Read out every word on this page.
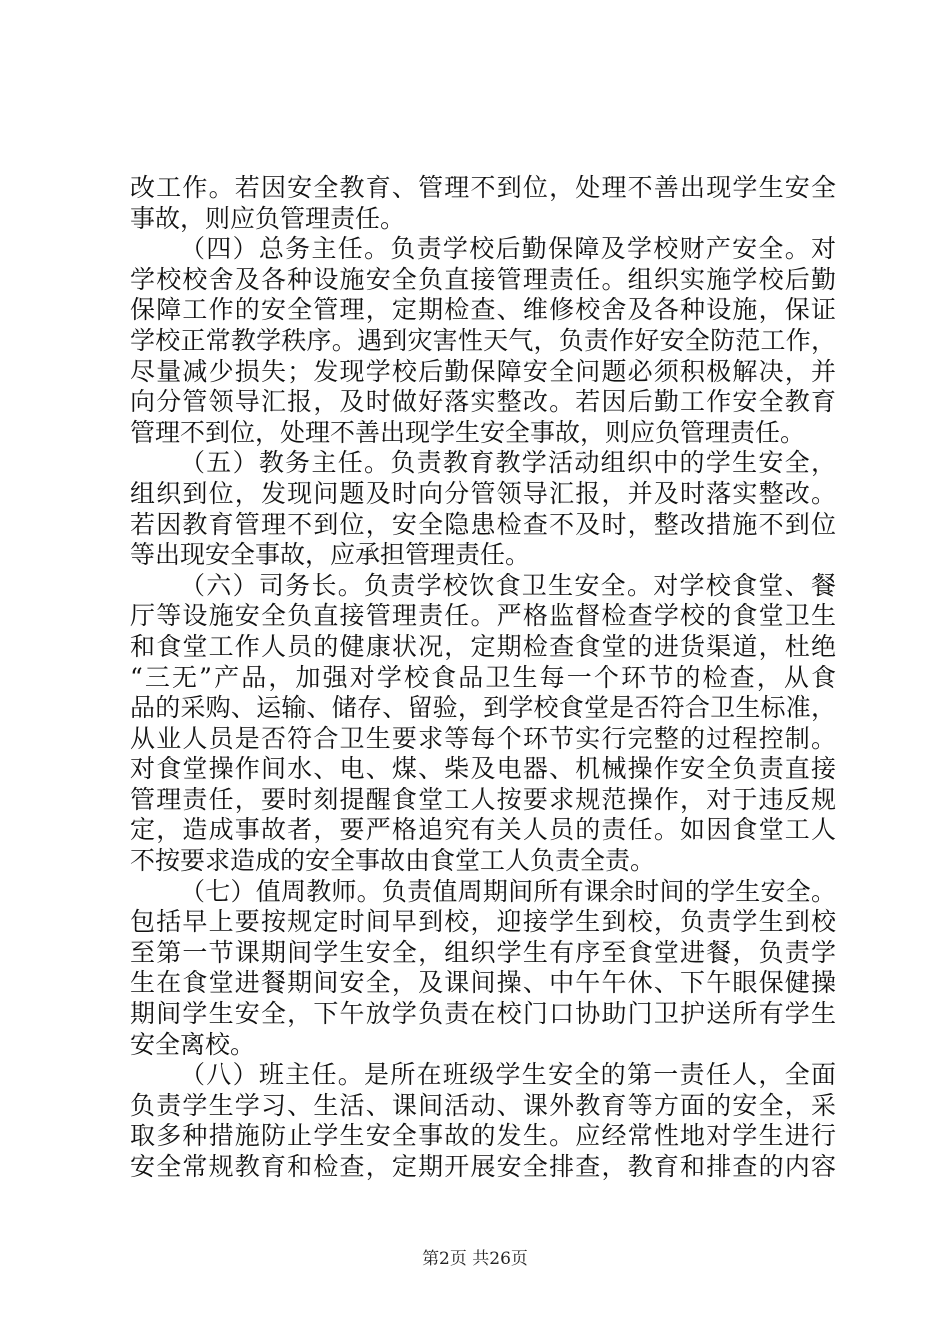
改工作。若因安全教育、管理不到位，处理不善出现学生安全
事故，则应负管理责任。
（四）总务主任。负责学校后勤保障及学校财产安全。对
学校校舍及各种设施安全负直接管理责任。组织实施学校后勤
保障工作的安全管理，定期检查、维修校舍及各种设施，保证
学校正常教学秩序。遇到灾害性天气，负责作好安全防范工作，
尽量减少损失；发现学校后勤保障安全问题必须积极解决，并
向分管领导汇报，及时做好落实整改。若因后勤工作安全教育
管理不到位，处理不善出现学生安全事故，则应负管理责任。
（五）教务主任。负责教育教学活动组织中的学生安全，
组织到位，发现问题及时向分管领导汇报，并及时落实整改。
若因教育管理不到位，安全隐患检查不及时，整改措施不到位
等出现安全事故，应承担管理责任。
（六）司务长。负责学校饮食卫生安全。对学校食堂、餐
厅等设施安全负直接管理责任。严格监督检查学校的食堂卫生
和食堂工作人员的健康状况，定期检查食堂的进货渠道，杜绝
“三无”产品，加强对学校食品卫生每一个环节的检查，从食
品的采购、运输、储存、留验，到学校食堂是否符合卫生标准，
从业人员是否符合卫生要求等每个环节实行完整的过程控制。
对食堂操作间水、电、煤、柴及电器、机械操作安全负责直接
管理责任，要时刻提醒食堂工人按要求规范操作，对于违反规
定，造成事故者，要严格追究有关人员的责任。如因食堂工人
不按要求造成的安全事故由食堂工人负责全责。
（七）值周教师。负责值周期间所有课余时间的学生安全。
包括早上要按规定时间早到校，迎接学生到校，负责学生到校
至第一节课期间学生安全，组织学生有序至食堂进餐，负责学
生在食堂进餐期间安全，及课间操、中午午休、下午眼保健操
期间学生安全，下午放学负责在校门口协助门卫护送所有学生
安全离校。
（八）班主任。是所在班级学生安全的第一责任人，全面
负责学生学习、生活、课间活动、课外教育等方面的安全，采
取多种措施防止学生安全事故的发生。应经常性地对学生进行
安全常规教育和检查，定期开展安全排查，教育和排查的内容
第2页 共26页
